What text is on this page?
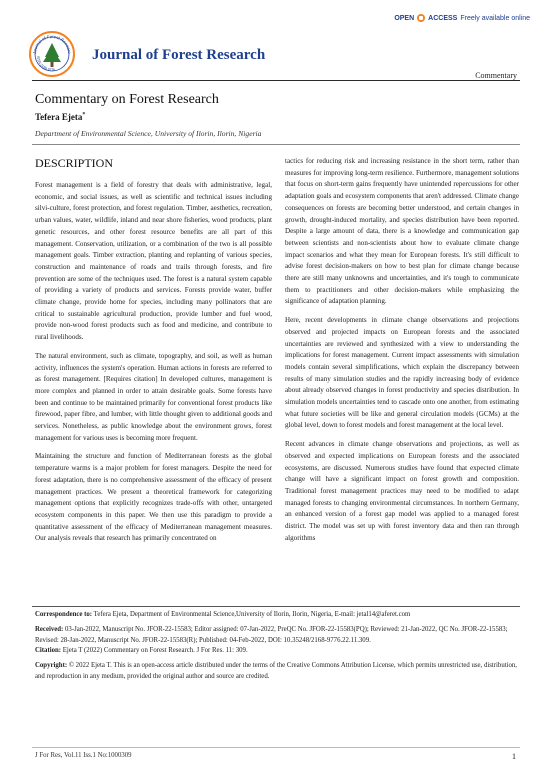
OPEN ACCESS Freely available online
Journal of Forest Researc
ISSN 2168-9776
Journal of Forest Research
Commentary
Commentary on Forest Research
Tefera Ejeta*
Department of Environmental Science, University of Ilorin, Ilorin, Nigeria
DESCRIPTION

Forest management is a field of forestry that deals with administrative, legal, economic, and social issues, as well as scientific and technical issues including silvi-culture, forest protection, and forest regulation. Timber, aesthetics, recreation, urban values, water, wildlife, inland and near shore fisheries, wood products, plant genetic resources, and other forest resource benefits are all part of this management. Conservation, utilization, or a combination of the two is all possible management goals. Timber extraction, planting and replanting of various species, construction and maintenance of roads and trails through forests, and fire prevention are some of the techniques used. The forest is a natural system capable of providing a variety of products and services. Forests provide water, buffer climate change, provide home for species, including many pollinators that are critical to sustainable agricultural production, provide lumber and fuel wood, provide non-wood forest products such as food and medicine, and contribute to rural livelihoods.

The natural environment, such as climate, topography, and soil, as well as human activity, influences the system's operation. Human actions in forests are referred to as forest management. [Requires citation] In developed cultures, management is more complex and planned in order to attain desirable goals. Some forests have been and continue to be maintained primarily for conventional forest products like firewood, paper fibre, and lumber, with little thought given to additional goods and services. Nonetheless, as public knowledge about the environment grows, forest management for various uses is becoming more frequent.

Maintaining the structure and function of Mediterranean forests as the global temperature warms is a major problem for forest managers. Despite the need for forest adaptation, there is no comprehensive assessment of the efficacy of present management practices. We present a theoretical framework for categorizing management options that explicitly recognizes trade-offs with other, untargeted ecosystem components in this paper. We then use this paradigm to provide a quantitative assessment of the efficacy of Mediterranean management measures. Our analysis reveals that research has primarily concentrated on

tactics for reducing risk and increasing resistance in the short term, rather than measures for improving long-term resilience. Furthermore, management solutions that focus on short-term gains frequently have unintended repercussions for other adaptation goals and ecosystem components that aren't addressed. Climate change consequences on forests are becoming better understood, and certain changes in growth, drought-induced mortality, and species distribution have been reported. Despite a large amount of data, there is a knowledge and communication gap between scientists and non-scientists about how to evaluate climate change impact scenarios and what they mean for European forests. It's still difficult to advise forest decision-makers on how to best plan for climate change because there are still many unknowns and uncertainties, and it's tough to communicate them to practitioners and other decision-makers while emphasizing the significance of adaptation planning.

Here, recent developments in climate change observations and projections observed and projected impacts on European forests and the associated uncertainties are reviewed and synthesized with a view to understanding the implications for forest management. Current impact assessments with simulation models contain several simplifications, which explain the discrepancy between results of many simulation studies and the rapidly increasing body of evidence about already observed changes in forest productivity and species distribution. In simulation models uncertainties tend to cascade onto one another, from estimating what future societies will be like and general circulation models (GCMs) at the global level, down to forest models and forest management at the local level.

Recent advances in climate change observations and projections, as well as observed and expected implications on European forests and the associated ecosystems, are discussed. Numerous studies have found that expected climate change will have a significant impact on forest growth and composition. Traditional forest management practices may need to be modified to adapt managed forests to changing environmental circumstances. In northern Germany, an enhanced version of a forest gap model was applied to a managed forest district. The model was set up with forest inventory data and then ran through algorithms

Correspondence to: Tefera Ejeta, Department of Environmental Science,University of Ilorin, Ilorin, Nigeria, E-mail: jetal14@aferet.com
Received: 03-Jan-2022, Manuscript No. JFOR-22-15583; Editor assigned: 07-Jan-2022, PreQC No. JFOR-22-15583(PQ); Reviewed: 21-Jan-2022, QC No. JFOR-22-15583; Revised: 28-Jan-2022, Manuscript No. JFOR-22-15583(R); Published: 04-Feb-2022, DOI: 10.35248/2168-9776.22.11.309.
Citation: Ejeta T (2022) Commentary on Forest Research. J For Res. 11: 309.
Copyright: © 2022 Ejeta T. This is an open-access article distributed under the terms of the Creative Commons Attribution License, which permits unrestricted use, distribution, and reproduction in any medium, provided the original author and source are credited.
J For Res, Vol.11 Iss.1 No:1000309	1
